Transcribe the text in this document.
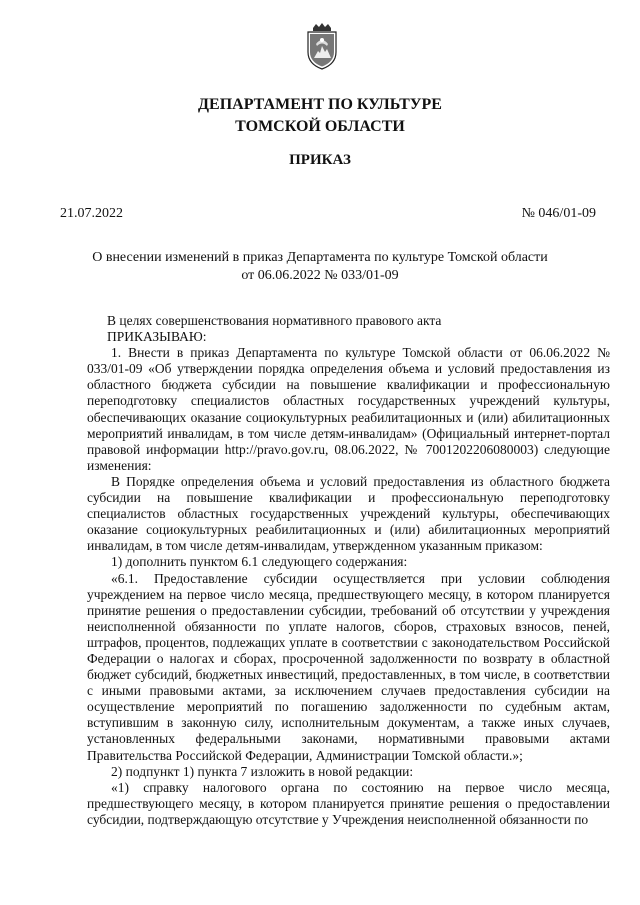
ДЕПАРТАМЕНТ ПО КУЛЬТУРЕ
ТОМСКОЙ ОБЛАСТИ
ПРИКАЗ
21.07.2022	№ 046/01-09
О внесении изменений в приказ Департамента по культуре Томской области
от 06.06.2022 № 033/01-09

В целях совершенствования нормативного правового акта

ПРИКАЗЫВАЮ:

1. Внести в приказ Департамента по культуре Томской области от 06.06.2022 № 033/01-09 «Об утверждении порядка определения объема и условий предоставления из областного бюджета субсидии на повышение квалификации и профессиональную переподготовку специалистов областных государственных учреждений культуры, обеспечивающих оказание социокультурных реабилитационных и (или) абилитационных мероприятий инвалидам, в том числе детям-инвалидам» (Официальный интернет-портал правовой информации http://pravo.gov.ru, 08.06.2022, № 7001202206080003) следующие изменения:

В Порядке определения объема и условий предоставления из областного бюджета субсидии на повышение квалификации и профессиональную переподготовку специалистов областных государственных учреждений культуры, обеспечивающих оказание социокультурных реабилитационных и (или) абилитационных мероприятий инвалидам, в том числе детям-инвалидам, утвержденном указанным приказом:

1) дополнить пунктом 6.1 следующего содержания:

«6.1. Предоставление субсидии осуществляется при условии соблюдения учреждением на первое число месяца, предшествующего месяцу, в котором планируется принятие решения о предоставлении субсидии, требований об отсутствии у учреждения неисполненной обязанности по уплате налогов, сборов, страховых взносов, пеней, штрафов, процентов, подлежащих уплате в соответствии с законодательством Российской Федерации о налогах и сборах, просроченной задолженности по возврату в областной бюджет субсидий, бюджетных инвестиций, предоставленных, в том числе, в соответствии с иными правовыми актами, за исключением случаев предоставления субсидии на осуществление мероприятий по погашению задолженности по судебным актам, вступившим в законную силу, исполнительным документам, а также иных случаев, установленных федеральными законами, нормативными правовыми актами Правительства Российской Федерации, Администрации Томской области.»;

2) подпункт 1) пункта 7 изложить в новой редакции:

«1) справку налогового органа по состоянию на первое число месяца, предшествующего месяцу, в котором планируется принятие решения о предоставлении субсидии, подтверждающую отсутствие у Учреждения неисполненной обязанности по
